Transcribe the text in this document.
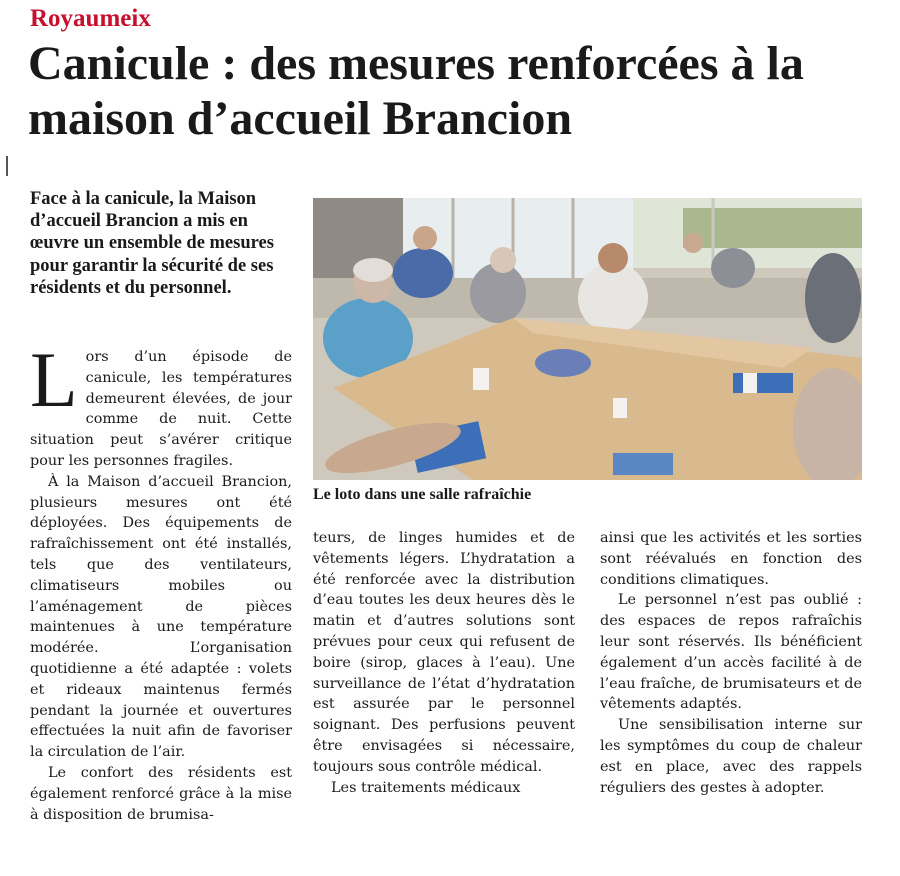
Royaumeix
Canicule : des mesures renforcées à la maison d’accueil Brancion

Face à la canicule, la Maison d’accueil Brancion a mis en œuvre un ensemble de mesures pour garantir la sécurité de ses résidents et du personnel.

Le loto dans une salle rafraîchie

Lors d’un épisode de canicule, les températures demeurent élevées, de jour comme de nuit. Cette situation peut s’avérer critique pour les personnes fragiles.

À la Maison d’accueil Brancion, plusieurs mesures ont été déployées. Des équipements de rafraîchissement ont été installés, tels que des ventilateurs, climatiseurs mobiles ou l’aménagement de pièces maintenues à une température modérée. L’organisation quotidienne a été adaptée : volets et rideaux maintenus fermés pendant la journée et ouvertures effectuées la nuit afin de favoriser la circulation de l’air.

Le confort des résidents est également renforcé grâce à la mise à disposition de brumisa-

teurs, de linges humides et de vêtements légers. L’hydratation a été renforcée avec la distribution d’eau toutes les deux heures dès le matin et d’autres solutions sont prévues pour ceux qui refusent de boire (sirop, glaces à l’eau). Une surveillance de l’état d’hydratation est assurée par le personnel soignant. Des perfusions peuvent être envisagées si nécessaire, toujours sous contrôle médical.

Les traitements médicaux

ainsi que les activités et les sorties sont réévalués en fonction des conditions climatiques.

Le personnel n’est pas oublié : des espaces de repos rafraîchis leur sont réservés. Ils bénéficient également d’un accès facilité à de l’eau fraîche, de brumisateurs et de vêtements adaptés.

Une sensibilisation interne sur les symptômes du coup de chaleur est en place, avec des rappels réguliers des gestes à adopter.
